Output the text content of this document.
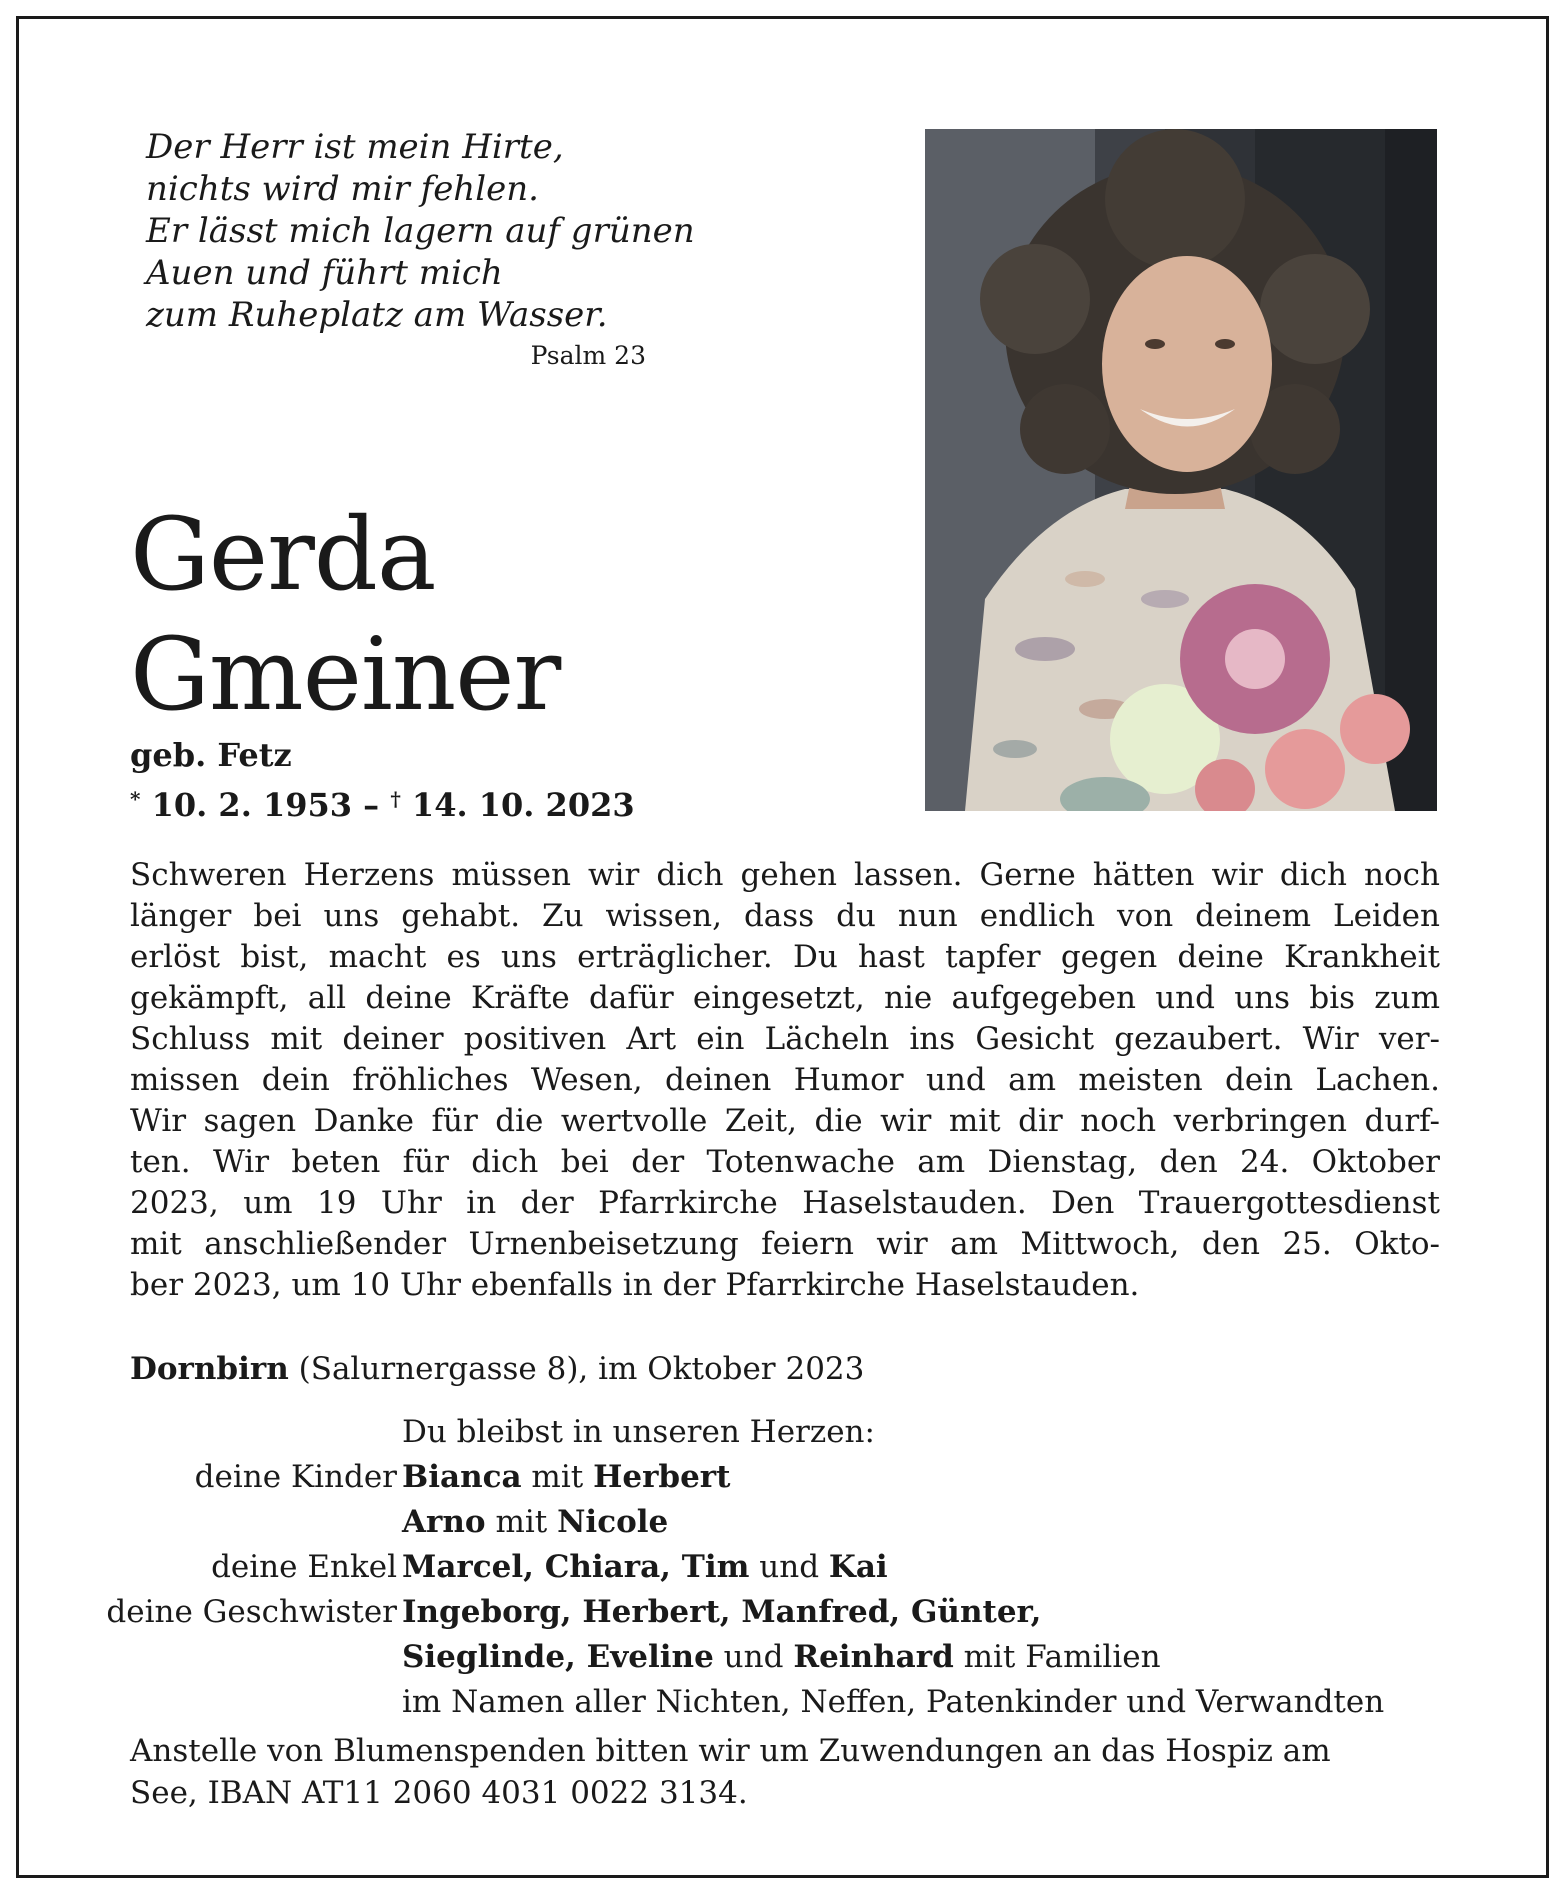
Der Herr ist mein Hirte,
nichts wird mir fehlen.
Er lässt mich lagern auf grünen
Auen und führt mich
zum Ruheplatz am Wasser.
Psalm 23
Gerda
Gmeiner
geb. Fetz
* 10. 2. 1953 – † 14. 10. 2023
Schweren Herzens müssen wir dich gehen lassen. Gerne hätten wir dich noch
länger bei uns gehabt. Zu wissen, dass du nun endlich von deinem Leiden
erlöst bist, macht es uns erträglicher. Du hast tapfer gegen deine Krankheit
gekämpft, all deine Kräfte dafür eingesetzt, nie aufgegeben und uns bis zum
Schluss mit deiner positiven Art ein Lächeln ins Gesicht gezaubert. Wir ver-
missen dein fröhliches Wesen, deinen Humor und am meisten dein Lachen.
Wir sagen Danke für die wertvolle Zeit, die wir mit dir noch verbringen durf-
ten. Wir beten für dich bei der Totenwache am Dienstag, den 24. Oktober
2023, um 19 Uhr in der Pfarrkirche Haselstauden. Den Trauergottesdienst
mit anschließender Urnenbeisetzung feiern wir am Mittwoch, den 25. Okto-
ber 2023, um 10 Uhr ebenfalls in der Pfarrkirche Haselstauden.
Dornbirn (Salurnergasse 8), im Oktober 2023
Du bleibst in unseren Herzen:
deine Kinder Bianca mit Herbert
Arno mit Nicole
deine Enkel Marcel, Chiara, Tim und Kai
deine Geschwister Ingeborg, Herbert, Manfred, Günter,
Sieglinde, Eveline und Reinhard mit Familien
im Namen aller Nichten, Neffen, Patenkinder und Verwandten
Anstelle von Blumenspenden bitten wir um Zuwendungen an das Hospiz am
See, IBAN AT11 2060 4031 0022 3134.
